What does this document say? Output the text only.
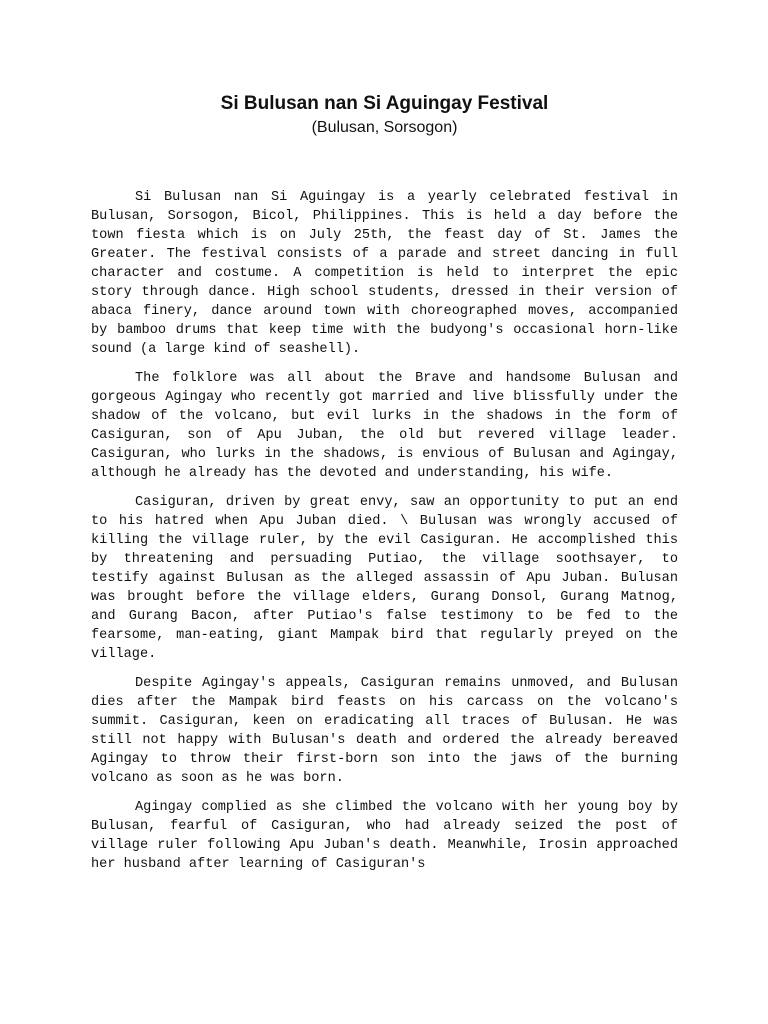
Si Bulusan nan Si Aguingay Festival

(Bulusan, Sorsogon)

Si Bulusan nan Si Aguingay is a yearly celebrated festival in Bulusan, Sorsogon, Bicol, Philippines. This is held a day before the town fiesta which is on July 25th, the feast day of St. James the Greater. The festival consists of a parade and street dancing in full character and costume. A competition is held to interpret the epic story through dance. High school students, dressed in their version of abaca finery, dance around town with choreographed moves, accompanied by bamboo drums that keep time with the budyong's occasional horn-like sound (a large kind of seashell).

The folklore was all about the Brave and handsome Bulusan and gorgeous Agingay who recently got married and live blissfully under the shadow of the volcano, but evil lurks in the shadows in the form of Casiguran, son of Apu Juban, the old but revered village leader. Casiguran, who lurks in the shadows, is envious of Bulusan and Agingay, although he already has the devoted and understanding, his wife.

Casiguran, driven by great envy, saw an opportunity to put an end to his hatred when Apu Juban died. \ Bulusan was wrongly accused of killing the village ruler, by the evil Casiguran. He accomplished this by threatening and persuading Putiao, the village soothsayer, to testify against Bulusan as the alleged assassin of Apu Juban. Bulusan was brought before the village elders, Gurang Donsol, Gurang Matnog, and Gurang Bacon, after Putiao's false testimony to be fed to the fearsome, man-eating, giant Mampak bird that regularly preyed on the village.

Despite Agingay's appeals, Casiguran remains unmoved, and Bulusan dies after the Mampak bird feasts on his carcass on the volcano's summit. Casiguran, keen on eradicating all traces of Bulusan. He was still not happy with Bulusan's death and ordered the already bereaved Agingay to throw their first-born son into the jaws of the burning volcano as soon as he was born.

Agingay complied as she climbed the volcano with her young boy by Bulusan, fearful of Casiguran, who had already seized the post of village ruler following Apu Juban's death. Meanwhile, Irosin approached her husband after learning of Casiguran's
